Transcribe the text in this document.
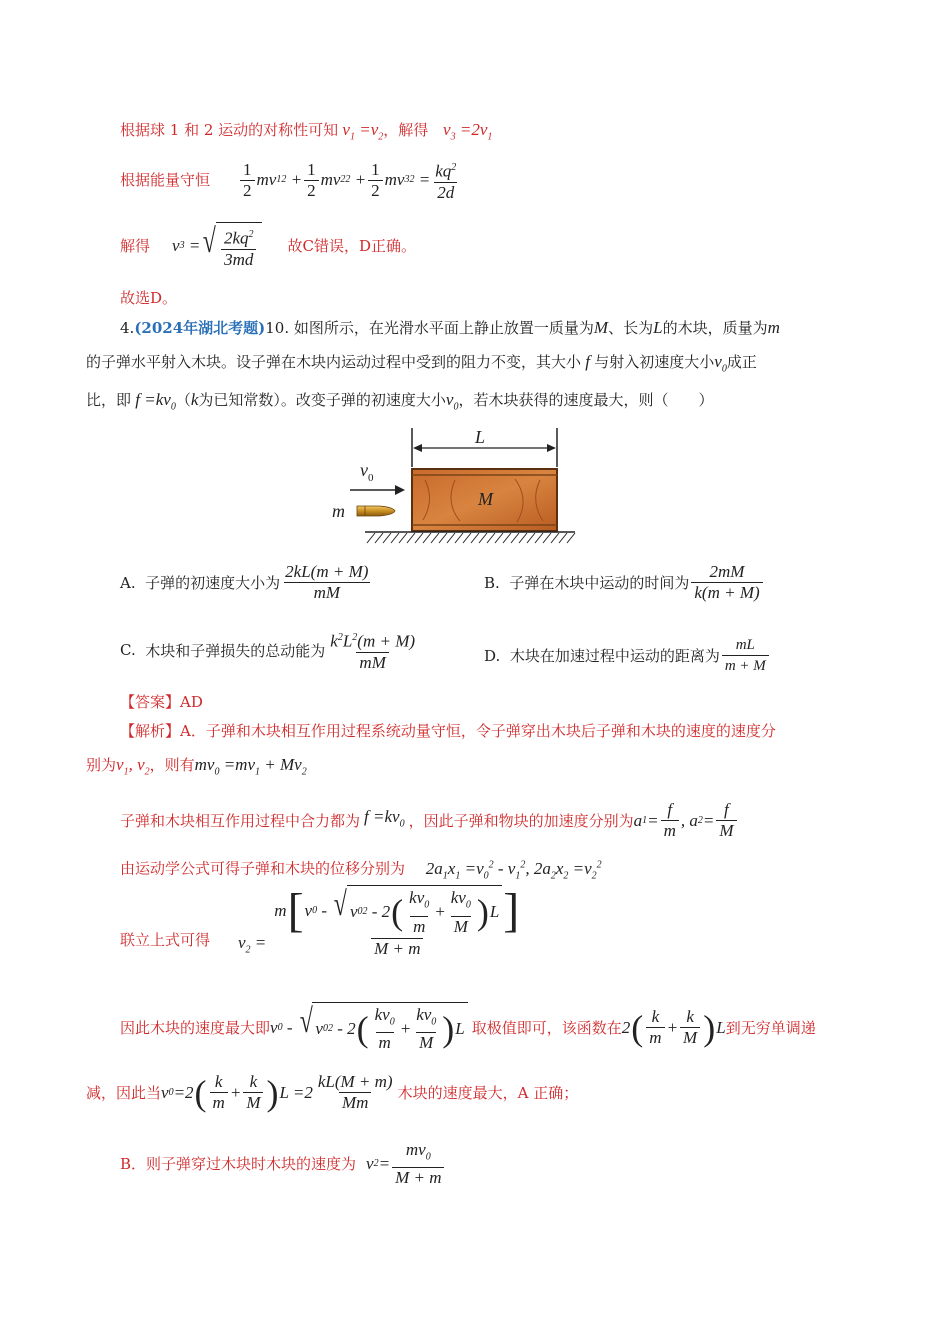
根据球 1 和 2 运动的对称性可知 $v_1 =v_2$，解得 $v_3 =2v_1$
根据能量守恒 $\frac{1}{2}$ mv 1 $2 + \frac{1}{2}$ mv 2 $2 + \frac{1}{2}$ mv 3 $2 = \frac{kq^2}{2d}$
解得 v 3 = √ $\frac{2kq^2}{3md}$ 故C错误，D正确。
故选D。
4.(2024年湖北考题)10. 如图所示，在光滑水平面上静止放置一质量为M、长为L的木块，质量为m
的子弹水平射入木块。设子弹在木块内运动过程中受到的阻力不变，其大小 f 与射入初速度大小$v_0$成正
比，即 $f =kv_0(k$为已知常数）。改变子弹的初速度大小$v_0$，若木块获得的速度最大，则（　　）
L
M
$v_0$
m
A.
子弹的初速度大小为 $\frac{2kL(m + M)}{mM}$	B.
子弹在木块中运动的时间为 $\frac{2mM}{k(m + M)}$
C.
木块和子弹损失的总动能为 $\frac{k^2L^2(m + M)}{mM}$	D.
木块在加速过程中运动的距离为 $\frac{mL}{m + M}$
【答案】AD
【解析】A．子弹和木块相互作用过程系统动量守恒，令子弹穿出木块后子弹和木块的速度的速度分
别为$v_1$, $v_2$，则有$mv_0 =mv_1 + Mv_2$
子弹和木块相互作用过程中合力都为 $f =kv_0$ ，因此子弹和物块的加速度分别为 a $1 = \frac{f}{m}$ , a $2 = \frac{f}{M}$
由运动学公式可得子弹和木块的位移分别为 $2a_1x_1 =v_0^2 - v_1^2$, $2a_2x_2 =v_2^2$
联立上式可得 $v_2 = \frac{m [ v 0 - √ v 0 2 - 2 ( \frac{kv_0}{m} + \frac{kv_0}{M} ) L ]}{M + m}$
因此木块的速度最大即 v 0 - √ v 0 2 - 2 ( $\frac{kv_0}{m} + \frac{kv_0}{M}$ ) L 取极值即可，该函数在 2 ( $\frac{k}{m} + \frac{k}{M}$ ) L 到无穷单调递
减，因此当 v 0 =2 ( $\frac{k}{m} + \frac{k}{M}$ ) $L =2 \frac{kL(M + m)}{Mm}$ 木块的速度最大，A 正确；
B．则子弹穿过木块时木块的速度为 v $2 = \frac{mv_0}{M + m}$
